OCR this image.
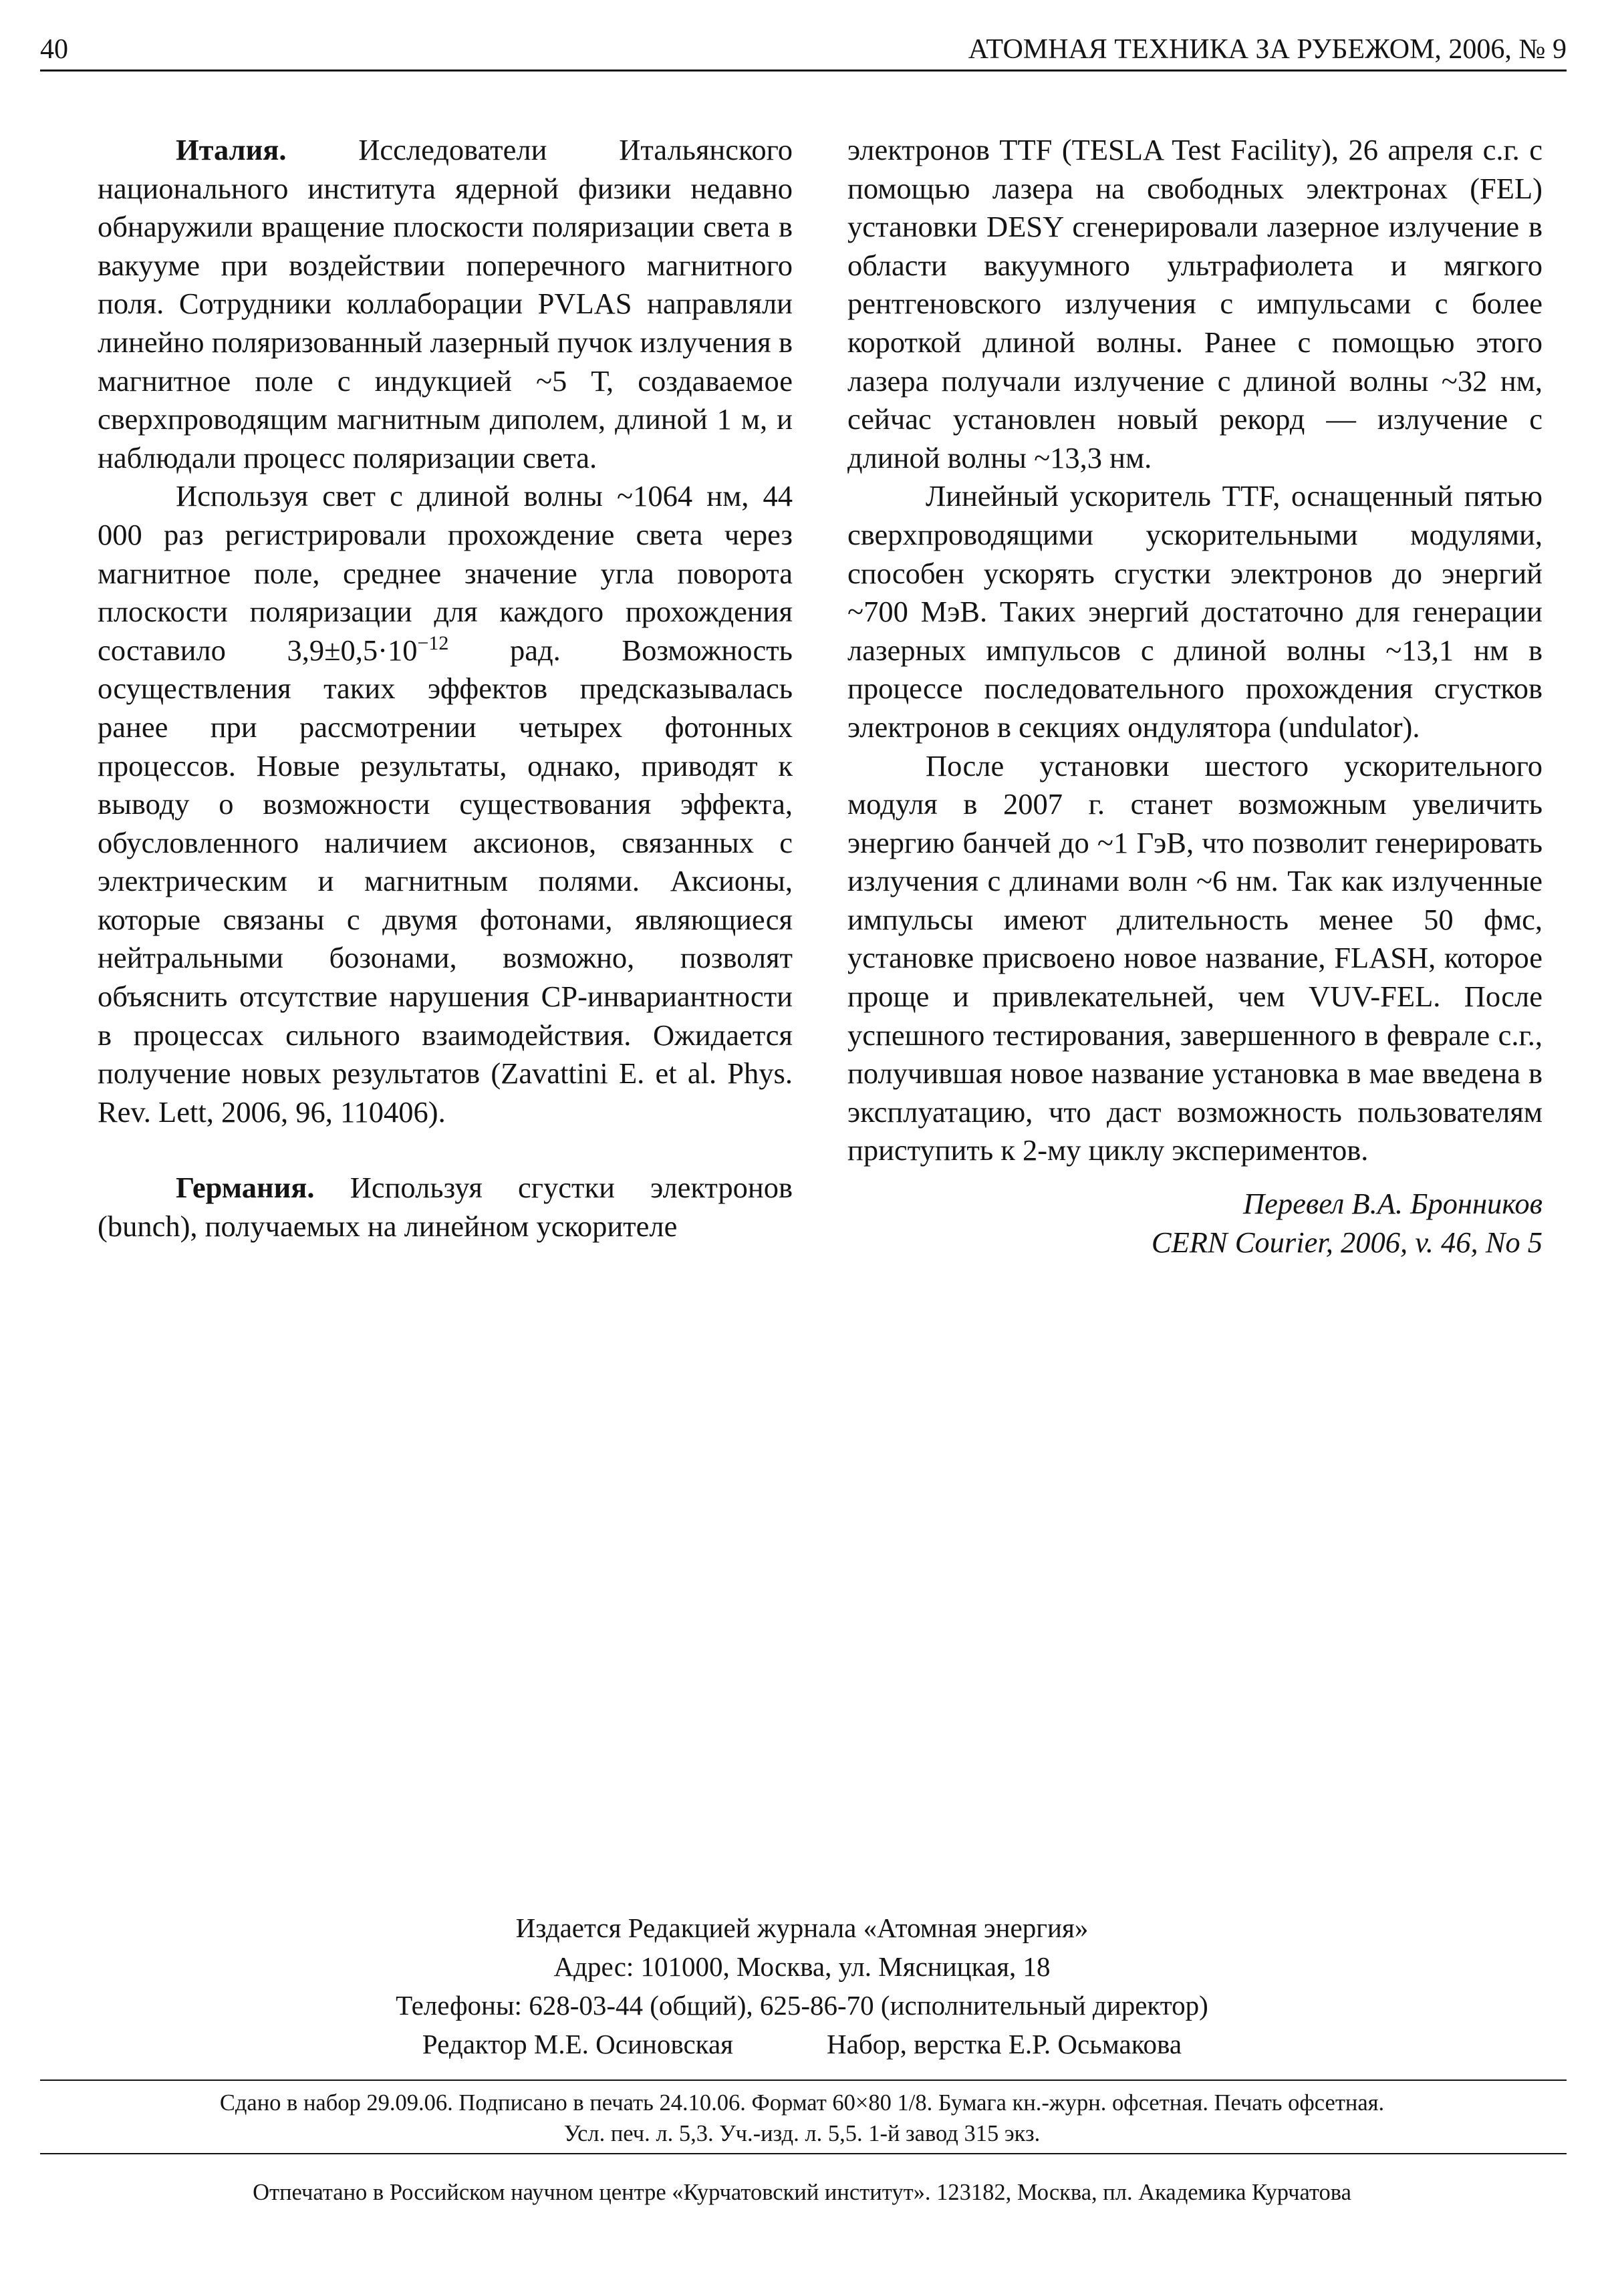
40	АТОМНАЯ ТЕХНИКА ЗА РУБЕЖОМ, 2006, № 9

Италия. Исследователи Итальянского национального института ядерной физики недавно обнаружили вращение плоскости поляризации света в вакууме при воздействии поперечного магнитного поля. Сотрудники коллаборации PVLAS направляли линейно поляризованный лазерный пучок излучения в магнитное поле с индукцией ~5 Т, создаваемое сверхпроводящим магнитным диполем, длиной 1 м, и наблюдали процесс поляризации света.

Используя свет с длиной волны ~1064 нм, 44 000 раз регистрировали прохождение света через магнитное поле, среднее значение угла поворота плоскости поляризации для каждого прохождения составило $3,9\pm 0,5\cdot 10^{-12}$ рад. Возможность осуществления таких эффектов предсказывалась ранее при рассмотрении четырех фотонных процессов. Новые результаты, однако, приводят к выводу о возможности существования эффекта, обусловленного наличием аксионов, связанных с электрическим и магнитным полями. Аксионы, которые связаны с двумя фотонами, являющиеся нейтральными бозонами, возможно, позволят объяснить отсутствие нарушения CP-инвариантности в процессах сильного взаимодействия. Ожидается получение новых результатов (Zavattini E. et al. Phys. Rev. Lett, 2006, 96, 110406).

Германия. Используя сгустки электронов (bunch), получаемых на линейном ускорителе

электронов TTF (TESLA Test Facility), 26 апреля с.г. с помощью лазера на свободных электронах (FEL) установки DESY сгенерировали лазерное излучение в области вакуумного ультрафиолета и мягкого рентгеновского излучения с импульсами с более короткой длиной волны. Ранее с помощью этого лазера получали излучение с длиной волны ~32 нм, сейчас установлен новый рекорд — излучение с длиной волны ~13,3 нм.

Линейный ускоритель TTF, оснащенный пятью сверхпроводящими ускорительными модулями, способен ускорять сгустки электронов до энергий ~700 МэВ. Таких энергий достаточно для генерации лазерных импульсов с длиной волны ~13,1 нм в процессе последовательного прохождения сгустков электронов в секциях ондулятора (undulator).

После установки шестого ускорительного модуля в 2007 г. станет возможным увеличить энергию банчей до ~1 ГэВ, что позволит генерировать излучения с длинами волн ~6 нм. Так как излученные импульсы имеют длительность менее 50 фмс, установке присвоено новое название, FLASH, которое проще и привлекательней, чем VUV-FEL. После успешного тестирования, завершенного в феврале с.г., получившая новое название установка в мае введена в эксплуатацию, что даст возможность пользователям приступить к 2-му циклу экспериментов.

Перевел В.А. Бронников
CERN Courier, 2006, v. 46, No 5
Издается Редакцией журнала «Атомная энергия»
Адрес: 101000, Москва, ул. Мясницкая, 18
Телефоны: 628-03-44 (общий), 625-86-70 (исполнительный директор)
Редактор М.Е. Осиновская	Набор, верстка Е.Р. Осьмакова
Сдано в набор 29.09.06. Подписано в печать 24.10.06. Формат 60×80 1/8. Бумага кн.-журн. офсетная. Печать офсетная.
Усл. печ. л. 5,3. Уч.-изд. л. 5,5. 1-й завод 315 экз.
Отпечатано в Российском научном центре «Курчатовский институт». 123182, Москва, пл. Академика Курчатова
